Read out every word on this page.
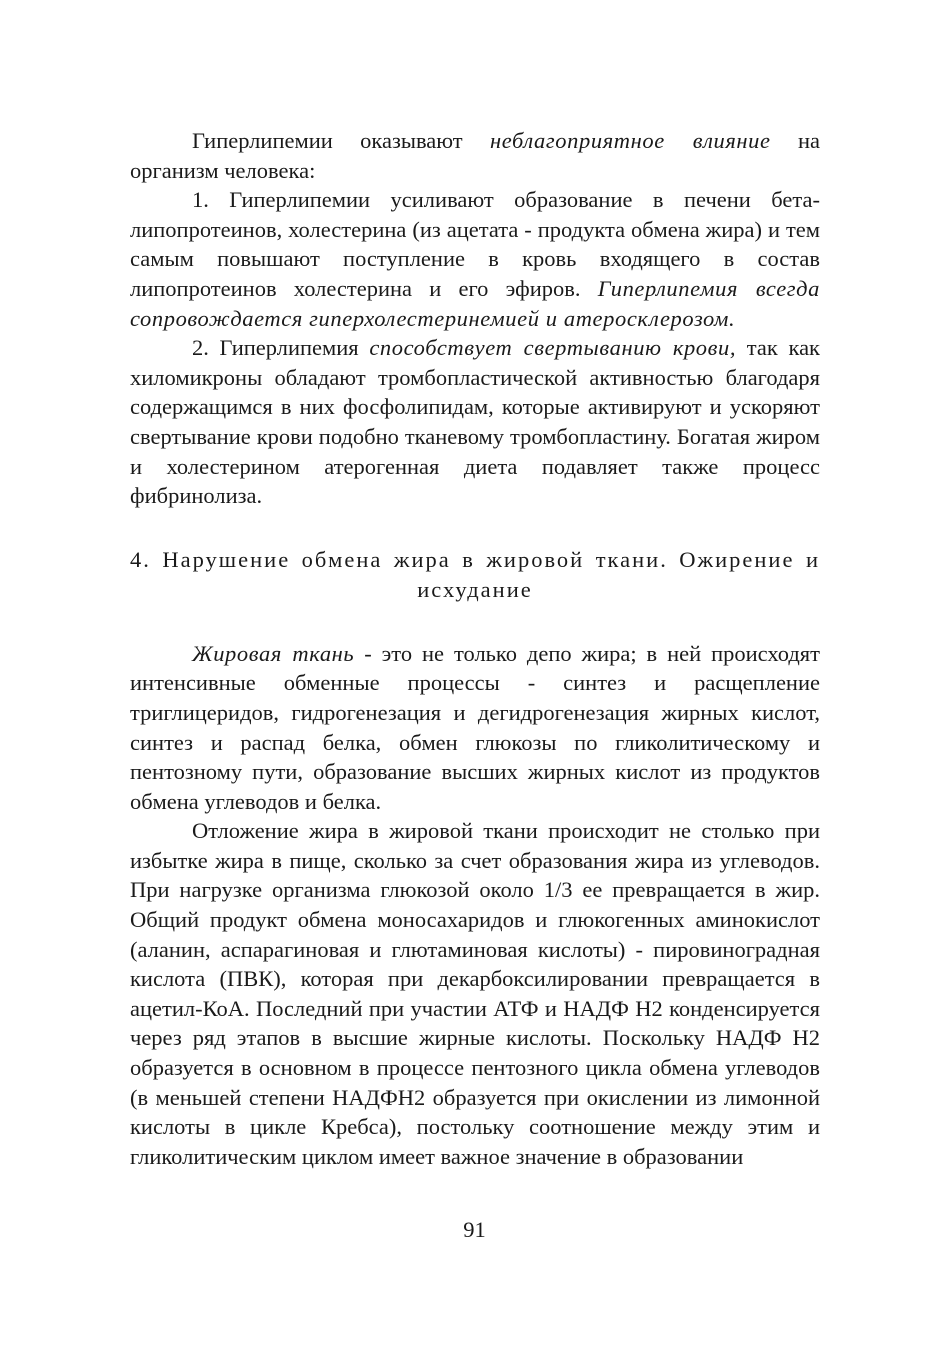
Гиперлипемии оказывают неблагоприятное влияние на организм человека:

1. Гиперлипемии усиливают образование в печени бета-липопротеинов, холестерина (из ацетата - продукта обмена жира) и тем самым повышают поступление в кровь входящего в состав липопротеинов холестерина и его эфиров. Гиперлипемия всегда сопровождается гиперхолестеринемией и атеросклерозом.

2. Гиперлипемия способствует свертыванию крови, так как хиломикроны обладают тромбопластической активностью благодаря содержащимся в них фосфолипидам, которые активируют и ускоряют свертывание крови подобно тканевому тромбопластину. Богатая жиром и холестерином атерогенная диета подавляет также процесс фибринолиза.

4. Нарушение обмена жира в жировой ткани. Ожирение и
исхудание

Жировая ткань - это не только депо жира; в ней происходят интенсивные обменные процессы - синтез и расщепление триглицеридов, гидрогенезация и дегидрогенезация жирных кислот, синтез и распад белка, обмен глюкозы по гликолитическому и пентозному пути, образование высших жирных кислот из продуктов обмена углеводов и белка.

Отложение жира в жировой ткани происходит не столько при избытке жира в пище, сколько за счет образования жира из углеводов. При нагрузке организма глюкозой около 1/3 ее превращается в жир. Общий продукт обмена моносахаридов и глюкогенных аминокислот (аланин, аспарагиновая и глютаминовая кислоты) - пировиноградная кислота (ПВК), которая при декарбоксилировании превращается в ацетил-КоА. Последний при участии АТФ и НАДФ Н2 конденсируется через ряд этапов в высшие жирные кислоты. Поскольку НАДФ Н2 образуется в основном в процессе пентозного цикла обмена углеводов (в меньшей степени НАДФН2 образуется при окислении из лимонной кислоты в цикле Кребса), постольку соотношение между этим и гликолитическим циклом имеет важное значение в образовании

91
